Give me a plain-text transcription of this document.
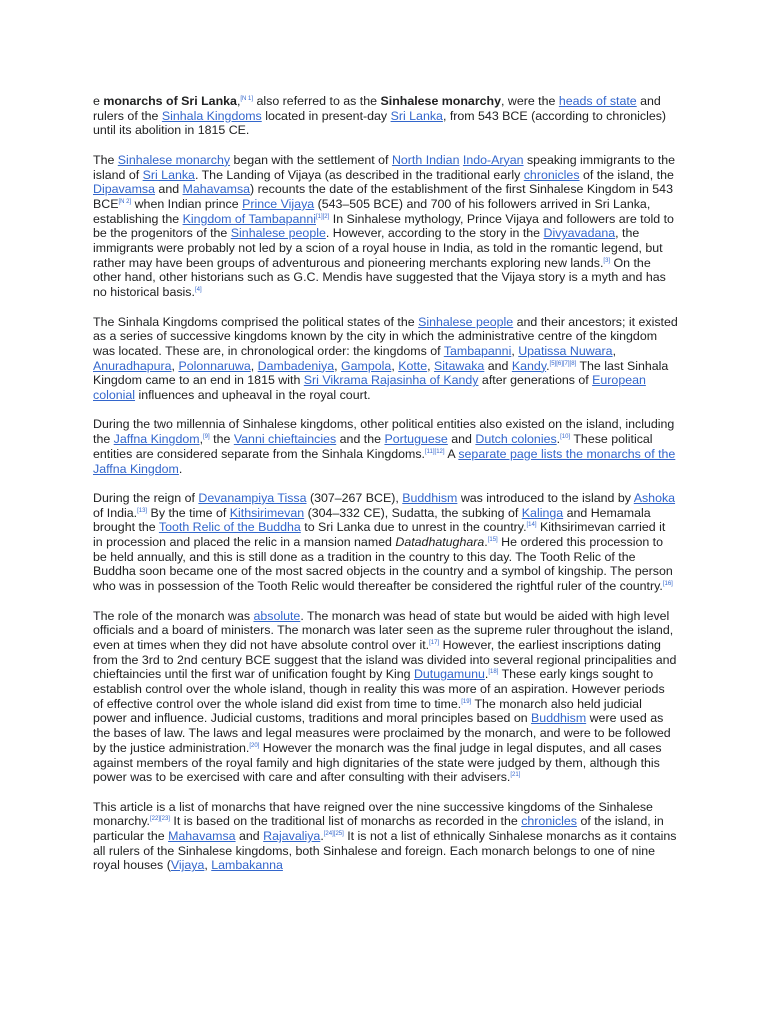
e monarchs of Sri Lanka,[N 1] also referred to as the Sinhalese monarchy, were the heads of state and rulers of the Sinhala Kingdoms located in present-day Sri Lanka, from 543 BCE (according to chronicles) until its abolition in 1815 CE.

The Sinhalese monarchy began with the settlement of North Indian Indo-Aryan speaking immigrants to the island of Sri Lanka. The Landing of Vijaya (as described in the traditional early chronicles of the island, the Dipavamsa and Mahavamsa) recounts the date of the establishment of the first Sinhalese Kingdom in 543 BCE[N 2] when Indian prince Prince Vijaya (543–505 BCE) and 700 of his followers arrived in Sri Lanka, establishing the Kingdom of Tambapanni[1][2] In Sinhalese mythology, Prince Vijaya and followers are told to be the progenitors of the Sinhalese people. However, according to the story in the Divyavadana, the immigrants were probably not led by a scion of a royal house in India, as told in the romantic legend, but rather may have been groups of adventurous and pioneering merchants exploring new lands.[3] On the other hand, other historians such as G.C. Mendis have suggested that the Vijaya story is a myth and has no historical basis.[4]

The Sinhala Kingdoms comprised the political states of the Sinhalese people and their ancestors; it existed as a series of successive kingdoms known by the city in which the administrative centre of the kingdom was located. These are, in chronological order: the kingdoms of Tambapanni, Upatissa Nuwara, Anuradhapura, Polonnaruwa, Dambadeniya, Gampola, Kotte, Sitawaka and Kandy.[5][6][7][8] The last Sinhala Kingdom came to an end in 1815 with Sri Vikrama Rajasinha of Kandy after generations of European colonial influences and upheaval in the royal court.

During the two millennia of Sinhalese kingdoms, other political entities also existed on the island, including the Jaffna Kingdom,[9] the Vanni chieftaincies and the Portuguese and Dutch colonies.[10] These political entities are considered separate from the Sinhala Kingdoms.[11][12] A separate page lists the monarchs of the Jaffna Kingdom.

During the reign of Devanampiya Tissa (307–267 BCE), Buddhism was introduced to the island by Ashoka of India.[13] By the time of Kithsirimevan (304–332 CE), Sudatta, the subking of Kalinga and Hemamala brought the Tooth Relic of the Buddha to Sri Lanka due to unrest in the country.[14] Kithsirimevan carried it in procession and placed the relic in a mansion named Datadhatughara.[15] He ordered this procession to be held annually, and this is still done as a tradition in the country to this day. The Tooth Relic of the Buddha soon became one of the most sacred objects in the country and a symbol of kingship. The person who was in possession of the Tooth Relic would thereafter be considered the rightful ruler of the country.[16]

The role of the monarch was absolute. The monarch was head of state but would be aided with high level officials and a board of ministers. The monarch was later seen as the supreme ruler throughout the island, even at times when they did not have absolute control over it.[17] However, the earliest inscriptions dating from the 3rd to 2nd century BCE suggest that the island was divided into several regional principalities and chieftaincies until the first war of unification fought by King Dutugamunu.[18] These early kings sought to establish control over the whole island, though in reality this was more of an aspiration. However periods of effective control over the whole island did exist from time to time.[19] The monarch also held judicial power and influence. Judicial customs, traditions and moral principles based on Buddhism were used as the bases of law. The laws and legal measures were proclaimed by the monarch, and were to be followed by the justice administration.[20] However the monarch was the final judge in legal disputes, and all cases against members of the royal family and high dignitaries of the state were judged by them, although this power was to be exercised with care and after consulting with their advisers.[21]

This article is a list of monarchs that have reigned over the nine successive kingdoms of the Sinhalese monarchy.[22][23] It is based on the traditional list of monarchs as recorded in the chronicles of the island, in particular the Mahavamsa and Rajavaliya.[24][25] It is not a list of ethnically Sinhalese monarchs as it contains all rulers of the Sinhalese kingdoms, both Sinhalese and foreign. Each monarch belongs to one of nine royal houses (Vijaya, Lambakanna
